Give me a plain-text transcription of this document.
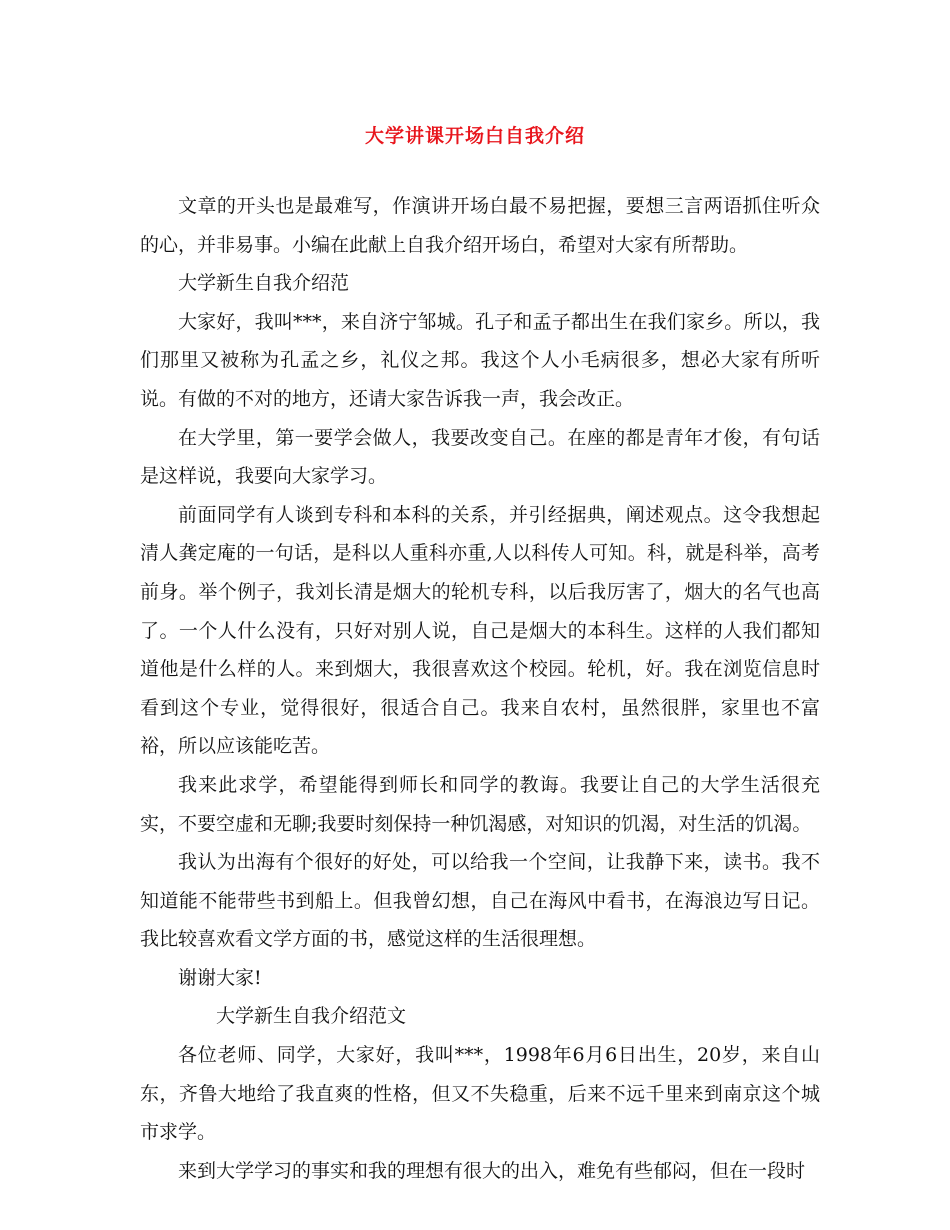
大学讲课开场白自我介绍

文章的开头也是最难写，作演讲开场白最不易把握，要想三言两语抓住听众的心，并非易事。小编在此献上自我介绍开场白，希望对大家有所帮助。

大学新生自我介绍范

大家好，我叫***，来自济宁邹城。孔子和孟子都出生在我们家乡。所以，我们那里又被称为孔孟之乡，礼仪之邦。我这个人小毛病很多，想必大家有所听说。有做的不对的地方，还请大家告诉我一声，我会改正。

在大学里，第一要学会做人，我要改变自己。在座的都是青年才俊，有句话是这样说，我要向大家学习。

前面同学有人谈到专科和本科的关系，并引经据典，阐述观点。这令我想起清人龚定庵的一句话，是科以人重科亦重,人以科传人可知。科，就是科举，高考前身。举个例子，我刘长清是烟大的轮机专科，以后我厉害了，烟大的名气也高了。一个人什么没有，只好对别人说，自己是烟大的本科生。这样的人我们都知道他是什么样的人。来到烟大，我很喜欢这个校园。轮机，好。我在浏览信息时看到这个专业，觉得很好，很适合自己。我来自农村，虽然很胖，家里也不富裕，所以应该能吃苦。

我来此求学，希望能得到师长和同学的教诲。我要让自己的大学生活很充实，不要空虚和无聊;我要时刻保持一种饥渴感，对知识的饥渴，对生活的饥渴。

我认为出海有个很好的好处，可以给我一个空间，让我静下来，读书。我不知道能不能带些书到船上。但我曾幻想，自己在海风中看书，在海浪边写日记。我比较喜欢看文学方面的书，感觉这样的生活很理想。

谢谢大家!

大学新生自我介绍范文

各位老师、同学，大家好，我叫***，1998年6月6日出生，20岁，来自山东，齐鲁大地给了我直爽的性格，但又不失稳重，后来不远千里来到南京这个城市求学。

来到大学学习的事实和我的理想有很大的出入，难免有些郁闷，但在一段时
